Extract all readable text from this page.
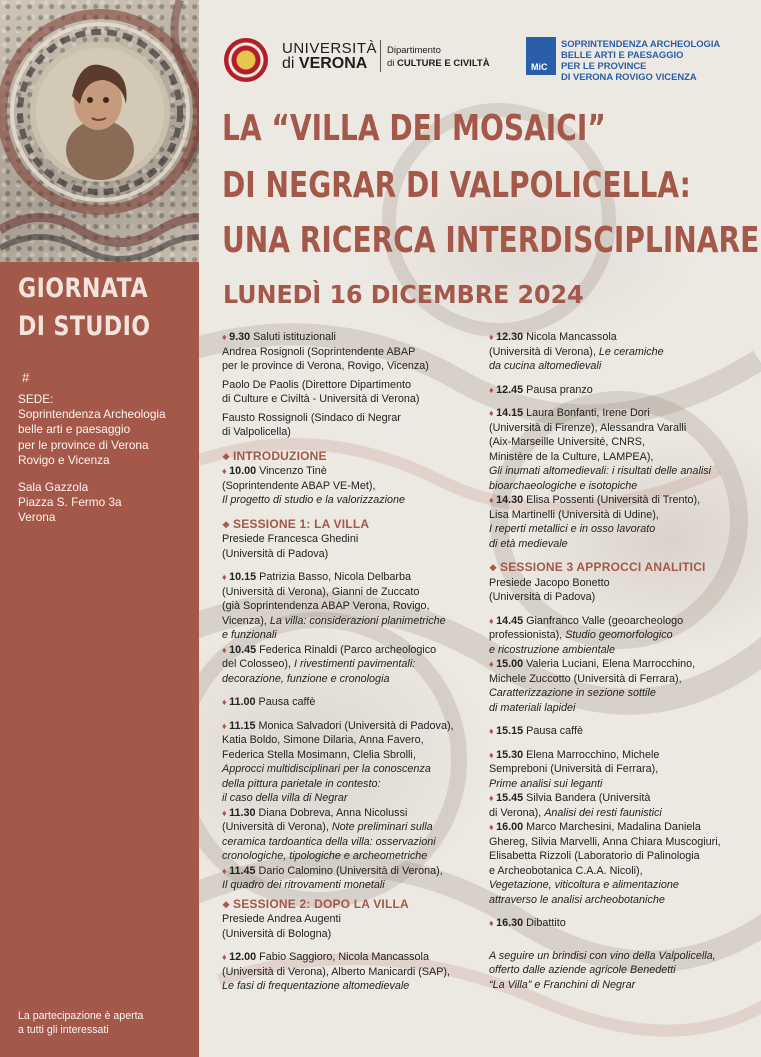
GIORNATA
DI STUDIO
#
SEDE:
Soprintendenza Archeologia
belle arti e paesaggio
per le province di Verona
Rovigo e Vicenza
Sala Gazzola
Piazza S. Fermo 3a
Verona
La partecipazione è aperta
a tutti gli interessati
UNIVERSITÀ
di VERONA
Dipartimento
di CULTURE E CIVILTÀ	MiC
SOPRINTENDENZA ARCHEOLOGIA
BELLE ARTI E PAESAGGIO
PER LE PROVINCE
DI VERONA ROVIGO VICENZA
LA “VILLA DEI MOSAICI”
DI NEGRAR DI VALPOLICELLA:
UNA RICERCA INTERDISCIPLINARE
LUNEDÌ 16 DICEMBRE 2024
♦ 9.30 Saluti istituzionali
Andrea Rosignoli (Soprintendente ABAP
per le province di Verona, Rovigo, Vicenza)
Paolo De Paolis (Direttore Dipartimento
di Culture e Civiltà - Università di Verona)
Fausto Rossignoli (Sindaco di Negrar
di Valpolicella)
❖ INTRODUZIONE
♦ 10.00 Vincenzo Tinè
(Soprintendente ABAP VE-Met),
Il progetto di studio e la valorizzazione
❖ SESSIONE 1: LA VILLA
Presiede Francesca Ghedini
(Università di Padova)
♦ 10.15 Patrizia Basso, Nicola Delbarba
(Università di Verona), Gianni de Zuccato
(già Soprintendenza ABAP Verona, Rovigo,
Vicenza), La villa: considerazioni planimetriche
e funzionali
♦ 10.45 Federica Rinaldi (Parco archeologico
del Colosseo), I rivestimenti pavimentali:
decorazione, funzione e cronologia
♦ 11.00 Pausa caffè
♦ 11.15 Monica Salvadori (Università di Padova),
Katia Boldo, Simone Dilaria, Anna Favero,
Federica Stella Mosimann, Clelia Sbrolli,
Approcci multidisciplinari per la conoscenza
della pittura parietale in contesto:
il caso della villa di Negrar
♦ 11.30 Diana Dobreva, Anna Nicolussi
(Università di Verona), Note preliminari sulla
ceramica tardoantica della villa: osservazioni
cronologiche, tipologiche e archeometriche
♦ 11.45 Dario Calomino (Università di Verona),
Il quadro dei ritrovamenti monetali
❖ SESSIONE 2: DOPO LA VILLA
Presiede Andrea Augenti
(Università di Bologna)
♦ 12.00 Fabio Saggioro, Nicola Mancassola
(Università di Verona), Alberto Manicardi (SAP),
Le fasi di frequentazione altomedievale
♦ 12.30 Nicola Mancassola
(Università di Verona), Le ceramiche
da cucina altomedievali
♦ 12.45 Pausa pranzo
♦ 14.15 Laura Bonfanti, Irene Dori
(Università di Firenze), Alessandra Varalli
(Aix-Marseille Université, CNRS,
Ministère de la Culture, LAMPEA),
Gli inumati altomedievali: i risultati delle analisi
bioarchaeologiche e isotopiche
♦ 14.30 Elisa Possenti (Università di Trento),
Lisa Martinelli (Università di Udine),
I reperti metallici e in osso lavorato
di età medievale
❖ SESSIONE 3 APPROCCI ANALITICI
Presiede Jacopo Bonetto
(Università di Padova)
♦ 14.45 Gianfranco Valle (geoarcheologo
professionista), Studio geomorfologico
e ricostruzione ambientale
♦ 15.00 Valeria Luciani, Elena Marrocchino,
Michele Zuccotto (Università di Ferrara),
Caratterizzazione in sezione sottile
di materiali lapidei
♦ 15.15 Pausa caffè
♦ 15.30 Elena Marrocchino, Michele
Sempreboni (Università di Ferrara),
Prime analisi sui leganti
♦ 15.45 Silvia Bandera (Università
di Verona), Analisi dei resti faunistici
♦ 16.00 Marco Marchesini, Madalina Daniela
Ghereg, Silvia Marvelli, Anna Chiara Muscogiuri,
Elisabetta Rizzoli (Laboratorio di Palinologia
e Archeobotanica C.A.A. Nicoli),
Vegetazione, viticoltura e alimentazione
attraverso le analisi archeobotaniche
♦ 16.30 Dibattito
A seguire un brindisi con vino della Valpolicella,
offerto dalle aziende agricole Benedetti
“La Villa” e Franchini di Negrar
